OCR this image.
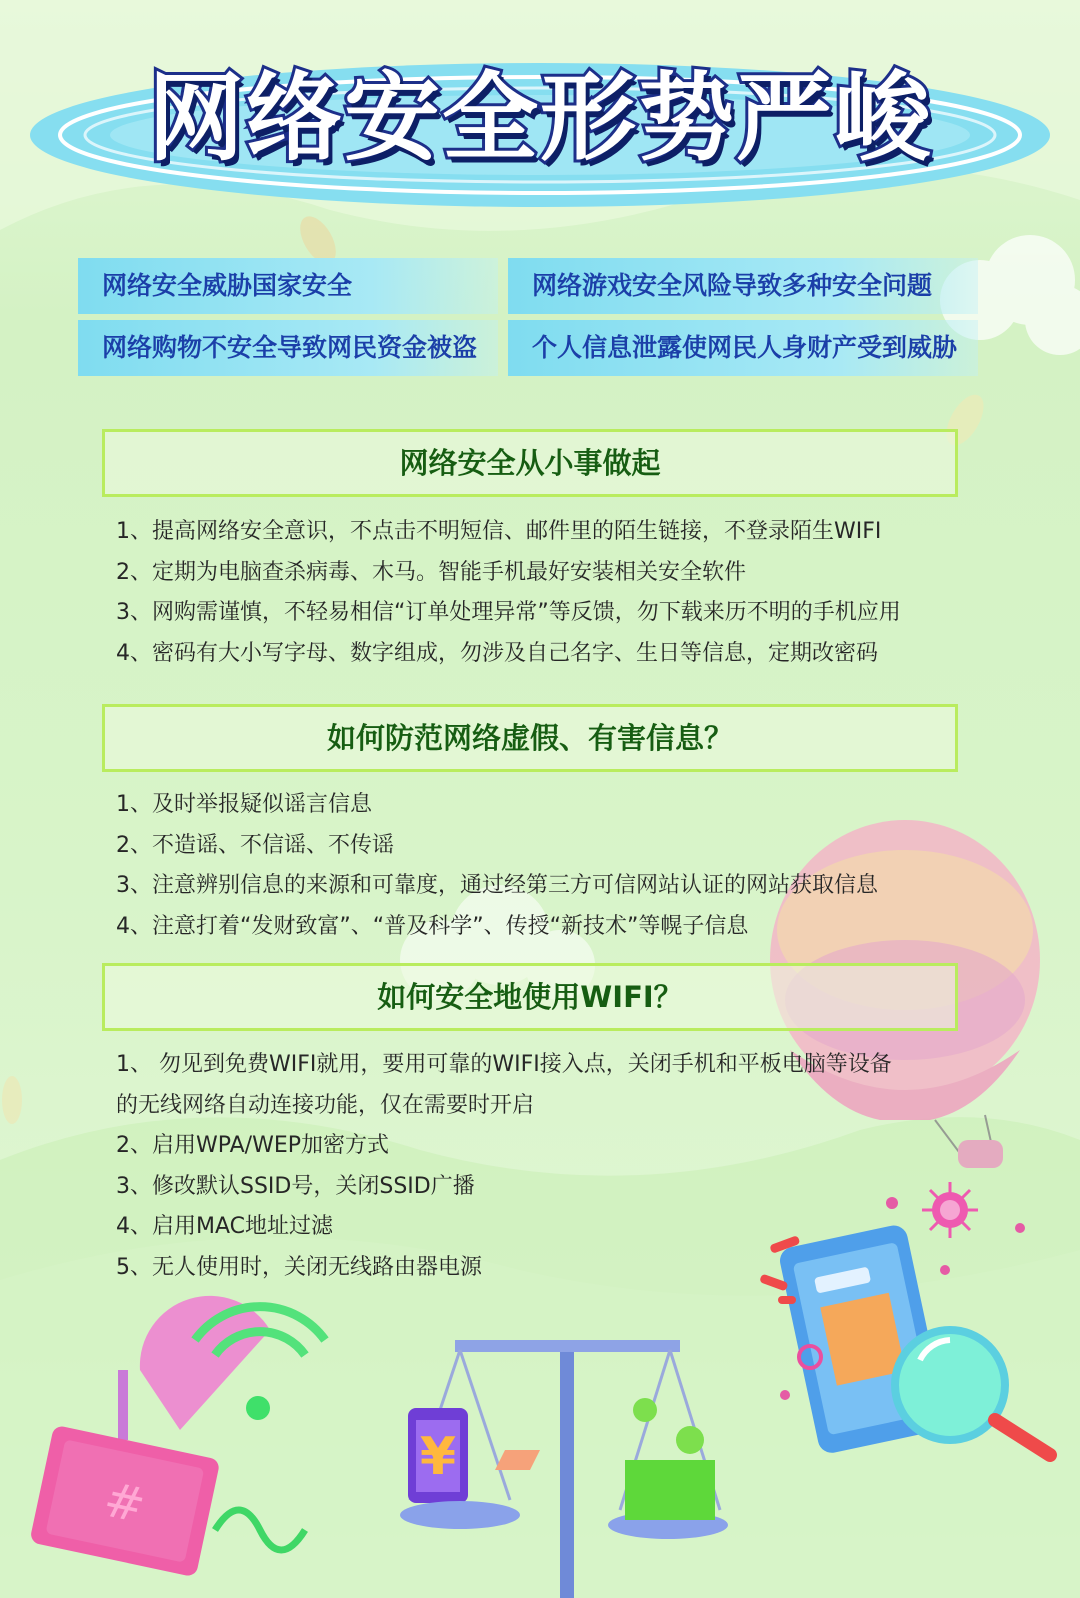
#
¥
网络安全形势严峻
网络安全威胁国家安全	网络游戏安全风险导致多种安全问题
网络购物不安全导致网民资金被盗	个人信息泄露使网民人身财产受到威胁
网络安全从小事做起
1、提高网络安全意识，不点击不明短信、邮件里的陌生链接，不登录陌生WIFI
2、定期为电脑查杀病毒、木马。智能手机最好安装相关安全软件
3、网购需谨慎，不轻易相信“订单处理异常”等反馈，勿下载来历不明的手机应用
4、密码有大小写字母、数字组成，勿涉及自己名字、生日等信息，定期改密码
如何防范网络虚假、有害信息？
1、及时举报疑似谣言信息
2、不造谣、不信谣、不传谣
3、注意辨别信息的来源和可靠度，通过经第三方可信网站认证的网站获取信息
4、注意打着“发财致富”、“普及科学”、传授“新技术”等幌子信息
如何安全地使用WIFI？
1、 勿见到免费WIFI就用，要用可靠的WIFI接入点，关闭手机和平板电脑等设备
的无线网络自动连接功能，仅在需要时开启
2、启用WPA/WEP加密方式
3、修改默认SSID号，关闭SSID广播
4、启用MAC地址过滤
5、无人使用时，关闭无线路由器电源
